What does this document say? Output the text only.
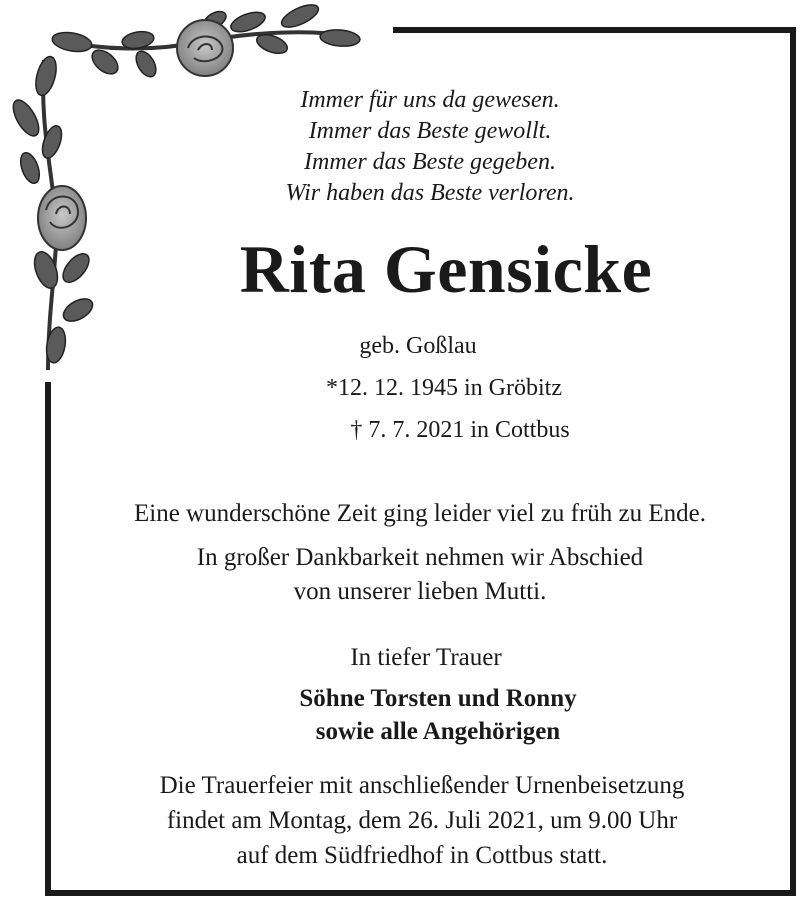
Immer für uns da gewesen.
Immer das Beste gewollt.
Immer das Beste gegeben.
Wir haben das Beste verloren.
Rita Gensicke
geb. Goßlau
*12. 12. 1945 in Gröbitz
† 7. 7. 2021 in Cottbus
Eine wunderschöne Zeit ging leider viel zu früh zu Ende.
In großer Dankbarkeit nehmen wir Abschied
von unserer lieben Mutti.
In tiefer Trauer
Söhne Torsten und Ronny
sowie alle Angehörigen
Die Trauerfeier mit anschließender Urnenbeisetzung
findet am Montag, dem 26. Juli 2021, um 9.00 Uhr
auf dem Südfriedhof in Cottbus statt.
